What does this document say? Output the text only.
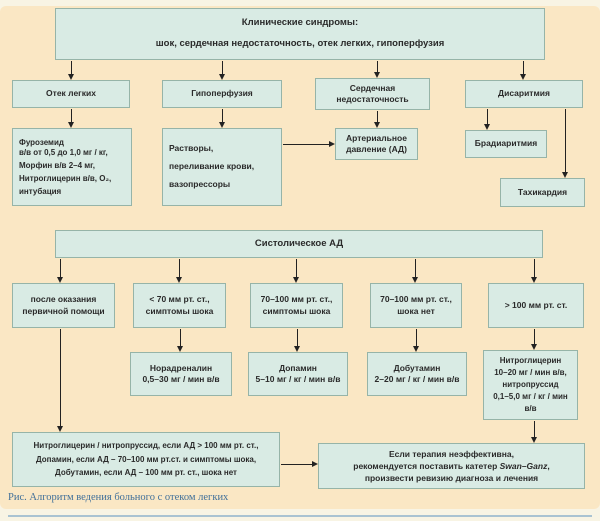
Клинические синдромы:
шок, сердечная недостаточность, отек легких, гипоперфузия
Отек легких	Гипоперфузия
Сердечная
недостаточность
Дисаритмия
Фуроземид
в/в от 0,5 до 1,0 мг / кг,
Морфин в/в 2–4 мг,
Нитроглицерин в/в, О₂,
интубация
Растворы,
переливание крови,
вазопрессоры
Артериальное
давление (АД)
Брадиаритмия
Тахикардия
Систолическое АД
после оказания
первичной помощи
< 70 мм рт. ст.,
симптомы шока
70–100 мм рт. ст.,
симптомы шока
70–100 мм рт. ст.,
шока нет
> 100 мм рт. ст.
Норадреналин
0,5–30 мг / мин в/в
Допамин
5–10 мг / кг / мин в/в
Добутамин
2–20 мг / кг / мин в/в
Нитроглицерин
10–20 мг / мин в/в,
нитропруссид
0,1–5,0 мг / кг / мин
в/в
Нитроглицерин / нитропруссид, если АД > 100 мм рт. ст.,
Допамин, если АД – 70–100 мм рт.ст. и симптомы шока,
Добутамин, если АД – 100 мм рт. ст., шока нет
Если терапия неэффективна,
рекомендуется поставить катетер Swan–Ganz,
произвести ревизию диагноза и лечения
Рис. Алгоритм ведения больного с отеком легких
